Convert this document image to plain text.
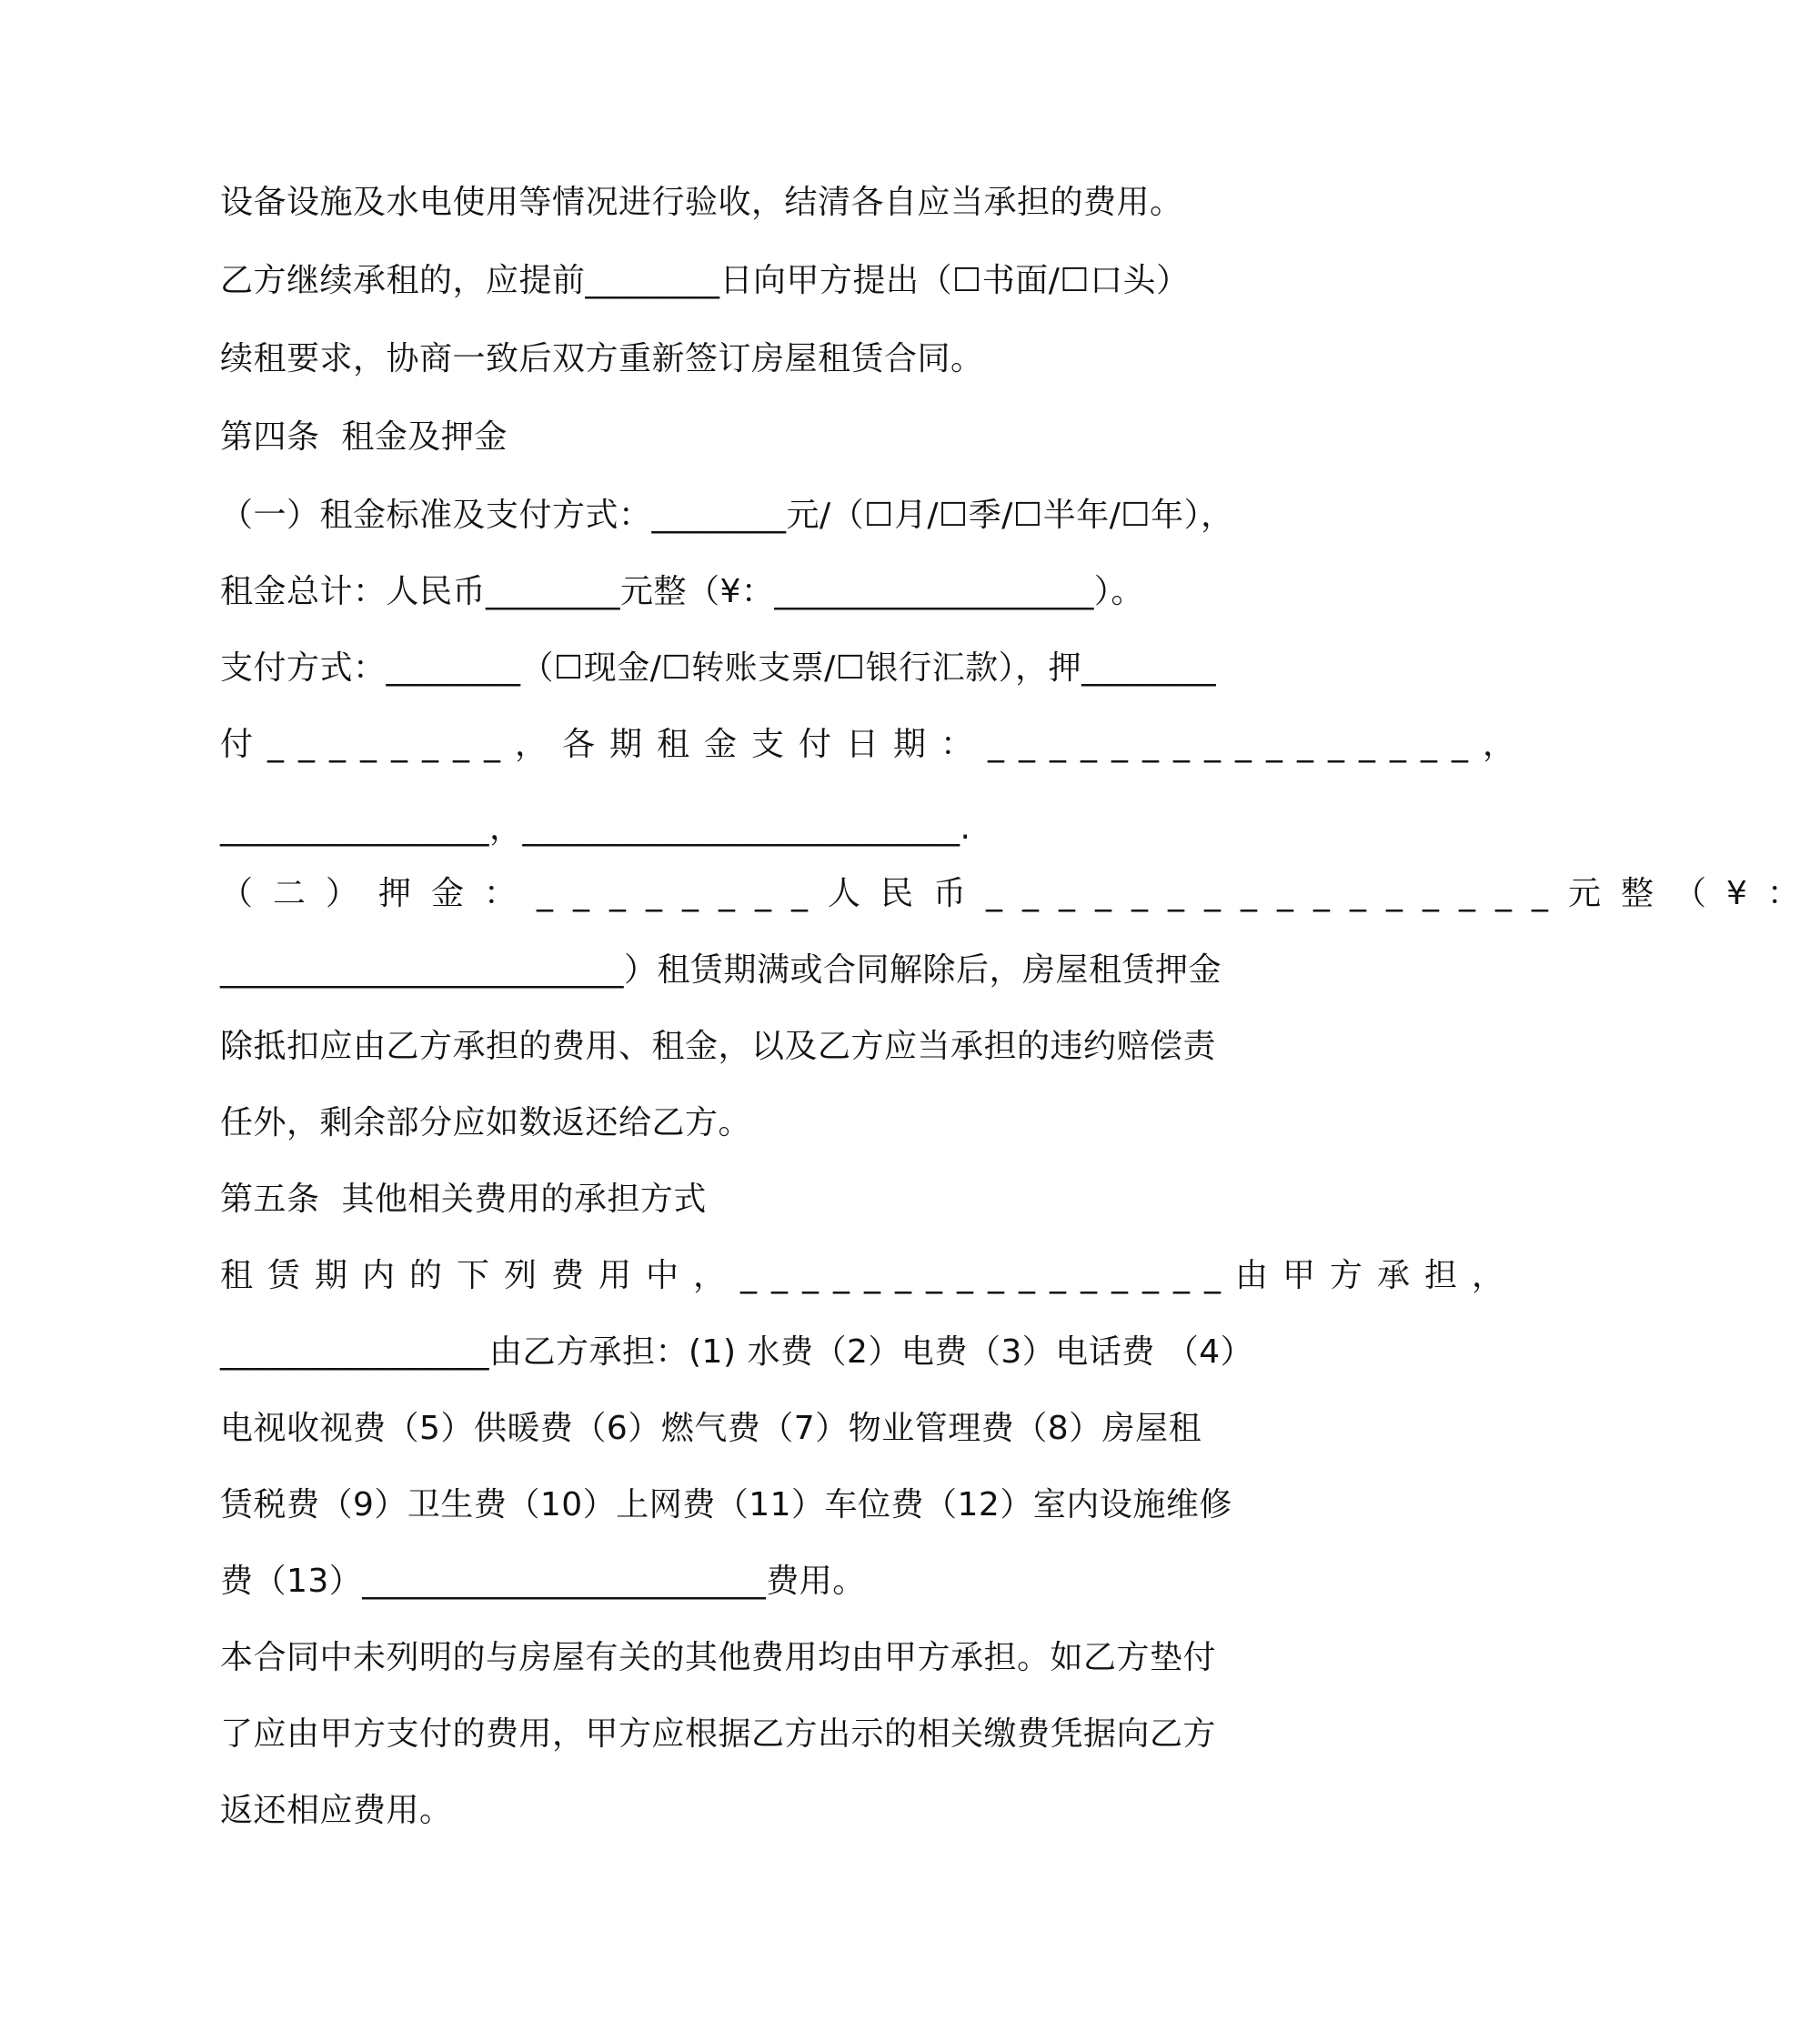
设备设施及水电使用等情况进行验收，结清各自应当承担的费用。
乙方继续承租的，应提前________日向甲方提出（☐书面/☐口头）
续租要求，协商一致后双方重新签订房屋租赁合同。
第四条  租金及押金
（一）租金标准及支付方式：________元/（☐月/☐季/☐半年/☐年），
租金总计：人民币________元整（¥：___________________）。
支付方式：________（☐现金/☐转账支票/☐银行汇款），押________
付________，各期租金支付日期：________________，
________________，__________________________.
（二）押金：________人民币________________元整（¥：
________________________）租赁期满或合同解除后，房屋租赁押金
除抵扣应由乙方承担的费用、租金，以及乙方应当承担的违约赔偿责
任外，剩余部分应如数返还给乙方。
第五条  其他相关费用的承担方式
租赁期内的下列费用中，________________由甲方承担，
________________由乙方承担：(1) 水费（2）电费（3）电话费 （4）
电视收视费（5）供暖费（6）燃气费（7）物业管理费（8）房屋租
赁税费（9）卫生费（10）上网费（11）车位费（12）室内设施维修
费（13）________________________费用。
本合同中未列明的与房屋有关的其他费用均由甲方承担。如乙方垫付
了应由甲方支付的费用，甲方应根据乙方出示的相关缴费凭据向乙方
返还相应费用。
